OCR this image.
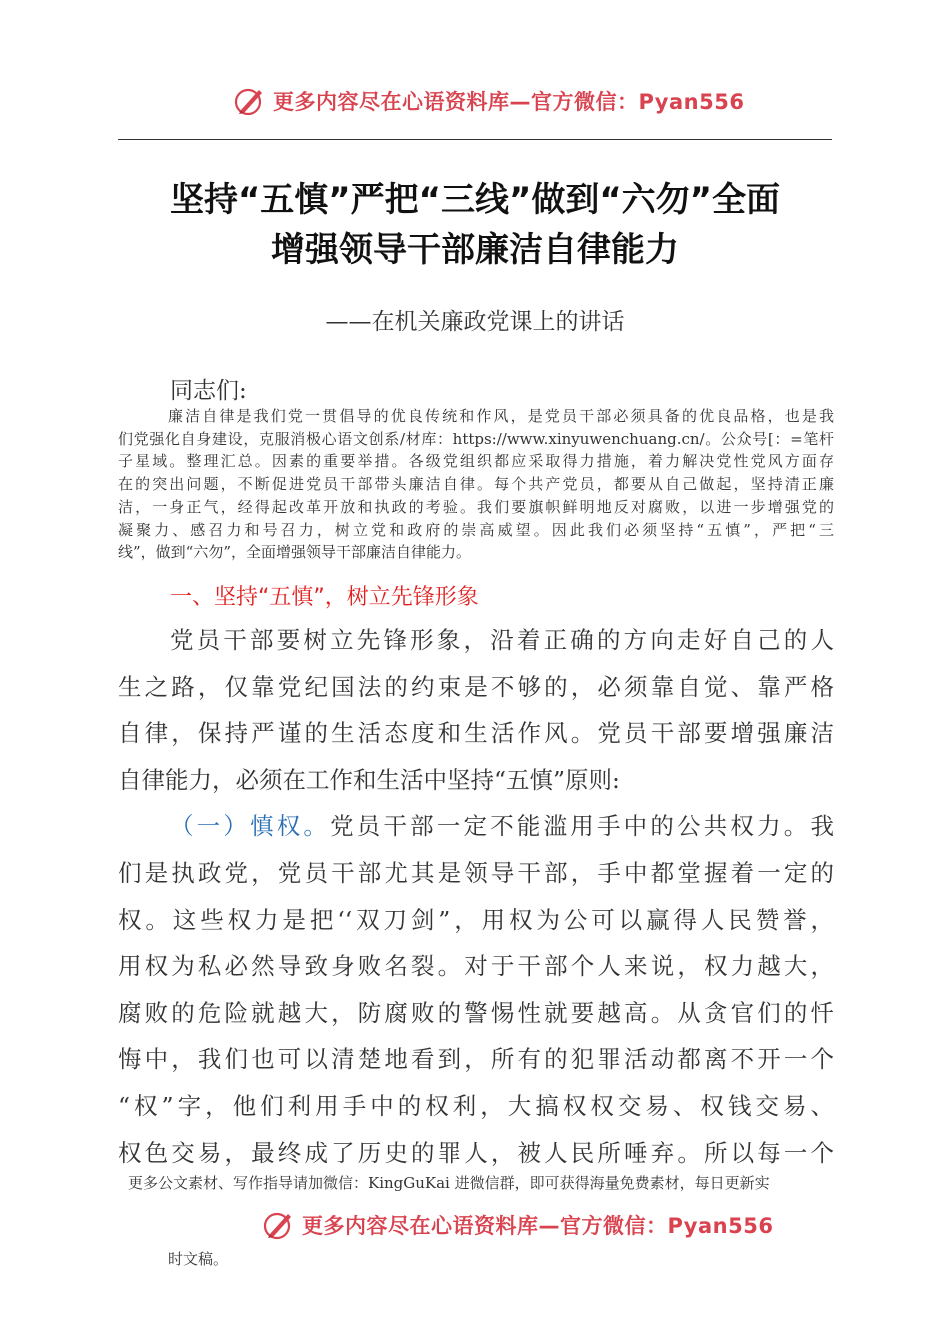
更多内容尽在心语资料库—官方微信：Pyan556
坚持“五慎”严把“三线”做到“六勿”全面
增强领导干部廉洁自律能力
——在机关廉政党课上的讲话
同志们:

廉洁自律是我们党一贯倡导的优良传统和作风，是党员干部必须具备的优良品格，也是我
们党强化自身建设，克服消极心语文创系/材库：https://www.xinyuwenchuang.cn/。公众号[：=笔杆
子星域。整理汇总。因素的重要举措。各级党组织都应采取得力措施，着力解决党性党风方面存
在的突出问题，不断促进党员干部带头廉洁自律。每个共产党员，都要从自己做起，坚持清正廉
洁，一身正气，经得起改革开放和执政的考验。我们要旗帜鲜明地反对腐败，以进一步增强党的
凝聚力、感召力和号召力，树立党和政府的崇高威望。因此我们必须坚持“五慎”，严把“三
线”，做到“六勿”，全面增强领导干部廉洁自律能力。

一、坚持“五慎”，树立先锋形象
党员干部要树立先锋形象，沿着正确的方向走好自己的人
生之路，仅靠党纪国法的约束是不够的，必须靠自觉、靠严格
自律，保持严谨的生活态度和生活作风。党员干部要增强廉洁
自律能力，必须在工作和生活中坚持“五慎”原则:
（一）慎权。党员干部一定不能滥用手中的公共权力。我
们是执政党，党员干部尤其是领导干部，手中都堂握着一定的
权。这些权力是把‘‘双刀剑”，用权为公可以赢得人民赞誉，
用权为私必然导致身败名裂。对于干部个人来说，权力越大，
腐败的危险就越大，防腐败的警惕性就要越高。从贪官们的忏
悔中，我们也可以清楚地看到，所有的犯罪活动都离不开一个
“权”字，他们利用手中的权利，大搞权权交易、权钱交易、
权色交易，最终成了历史的罪人，被人民所唾弃。所以每一个
更多公文素材、写作指导请加微信：KingGuKai 进微信群，即可获得海量免费素材，每日更新实
更多内容尽在心语资料库—官方微信：Pyan556
时文稿。
